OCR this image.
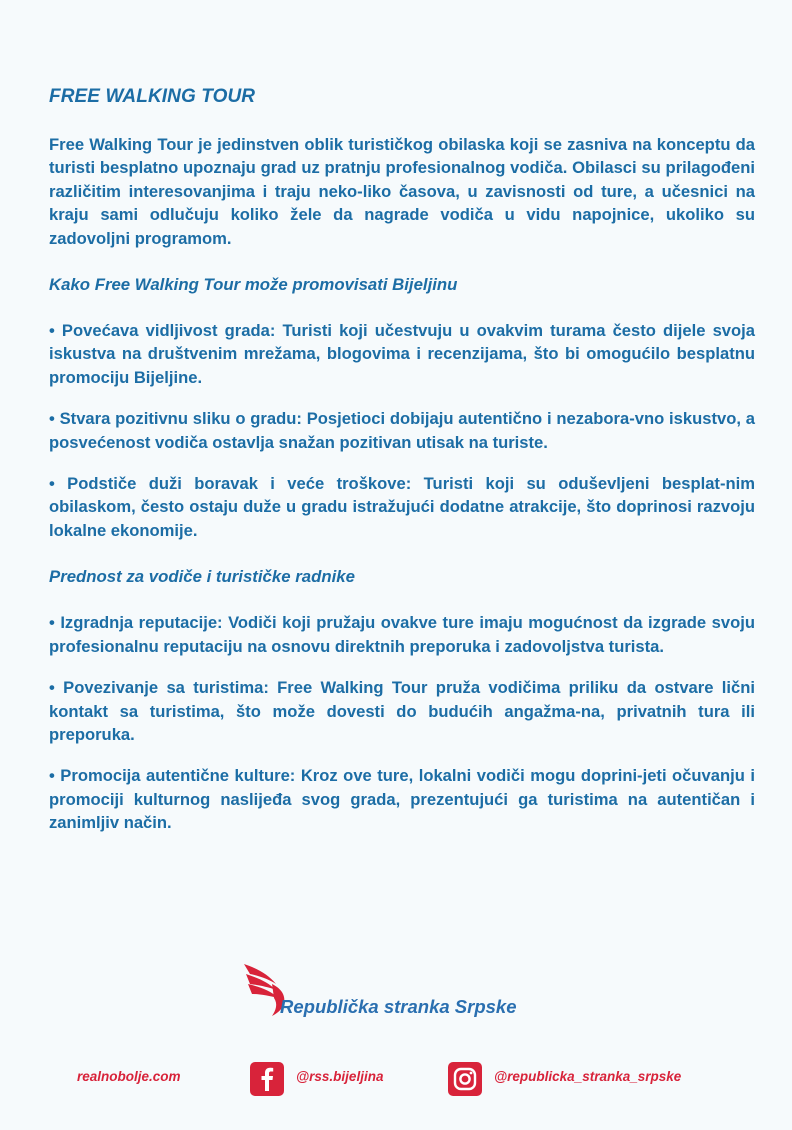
FREE WALKING TOUR

Free Walking Tour je jedinstven oblik turističkog obilaska koji se zasniva na konceptu da turisti besplatno upoznaju grad uz pratnju profesionalnog vodiča. Obilasci su prilagođeni različitim interesovanjima i traju neko-liko časova, u zavisnosti od ture, a učesnici na kraju sami odlučuju koliko žele da nagrade vodiča u vidu napojnice, ukoliko su zadovoljni programom.

Kako Free Walking Tour može promovisati Bijeljinu

• Povećava vidljivost grada: Turisti koji učestvuju u ovakvim turama često dijele svoja iskustva na društvenim mrežama, blogovima i recenzijama, što bi omogućilo besplatnu promociju Bijeljine.

• Stvara pozitivnu sliku o gradu: Posjetioci dobijaju autentično i nezabora-vno iskustvo, a posvećenost vodiča ostavlja snažan pozitivan utisak na turiste.

• Podstiče duži boravak i veće troškove: Turisti koji su oduševljeni besplat-nim obilaskom, često ostaju duže u gradu istražujući dodatne atrakcije, što doprinosi razvoju lokalne ekonomije.

Prednost za vodiče i turističke radnike

• Izgradnja reputacije: Vodiči koji pružaju ovakve ture imaju mogućnost da izgrade svoju profesionalnu reputaciju na osnovu direktnih preporuka i zadovoljstva turista.

• Povezivanje sa turistima: Free Walking Tour pruža vodičima priliku da ostvare lični kontakt sa turistima, što može dovesti do budućih angažma-na, privatnih tura ili preporuka.

• Promocija autentične kulture: Kroz ove ture, lokalni vodiči mogu doprini-jeti očuvanju i promociji kulturnog naslijeđa svog grada, prezentujući ga turistima na autentičan i zanimljiv način.

Republička stranka Srpske
realnobolje.com	@rss.bijeljina	@republicka_stranka_srpske
